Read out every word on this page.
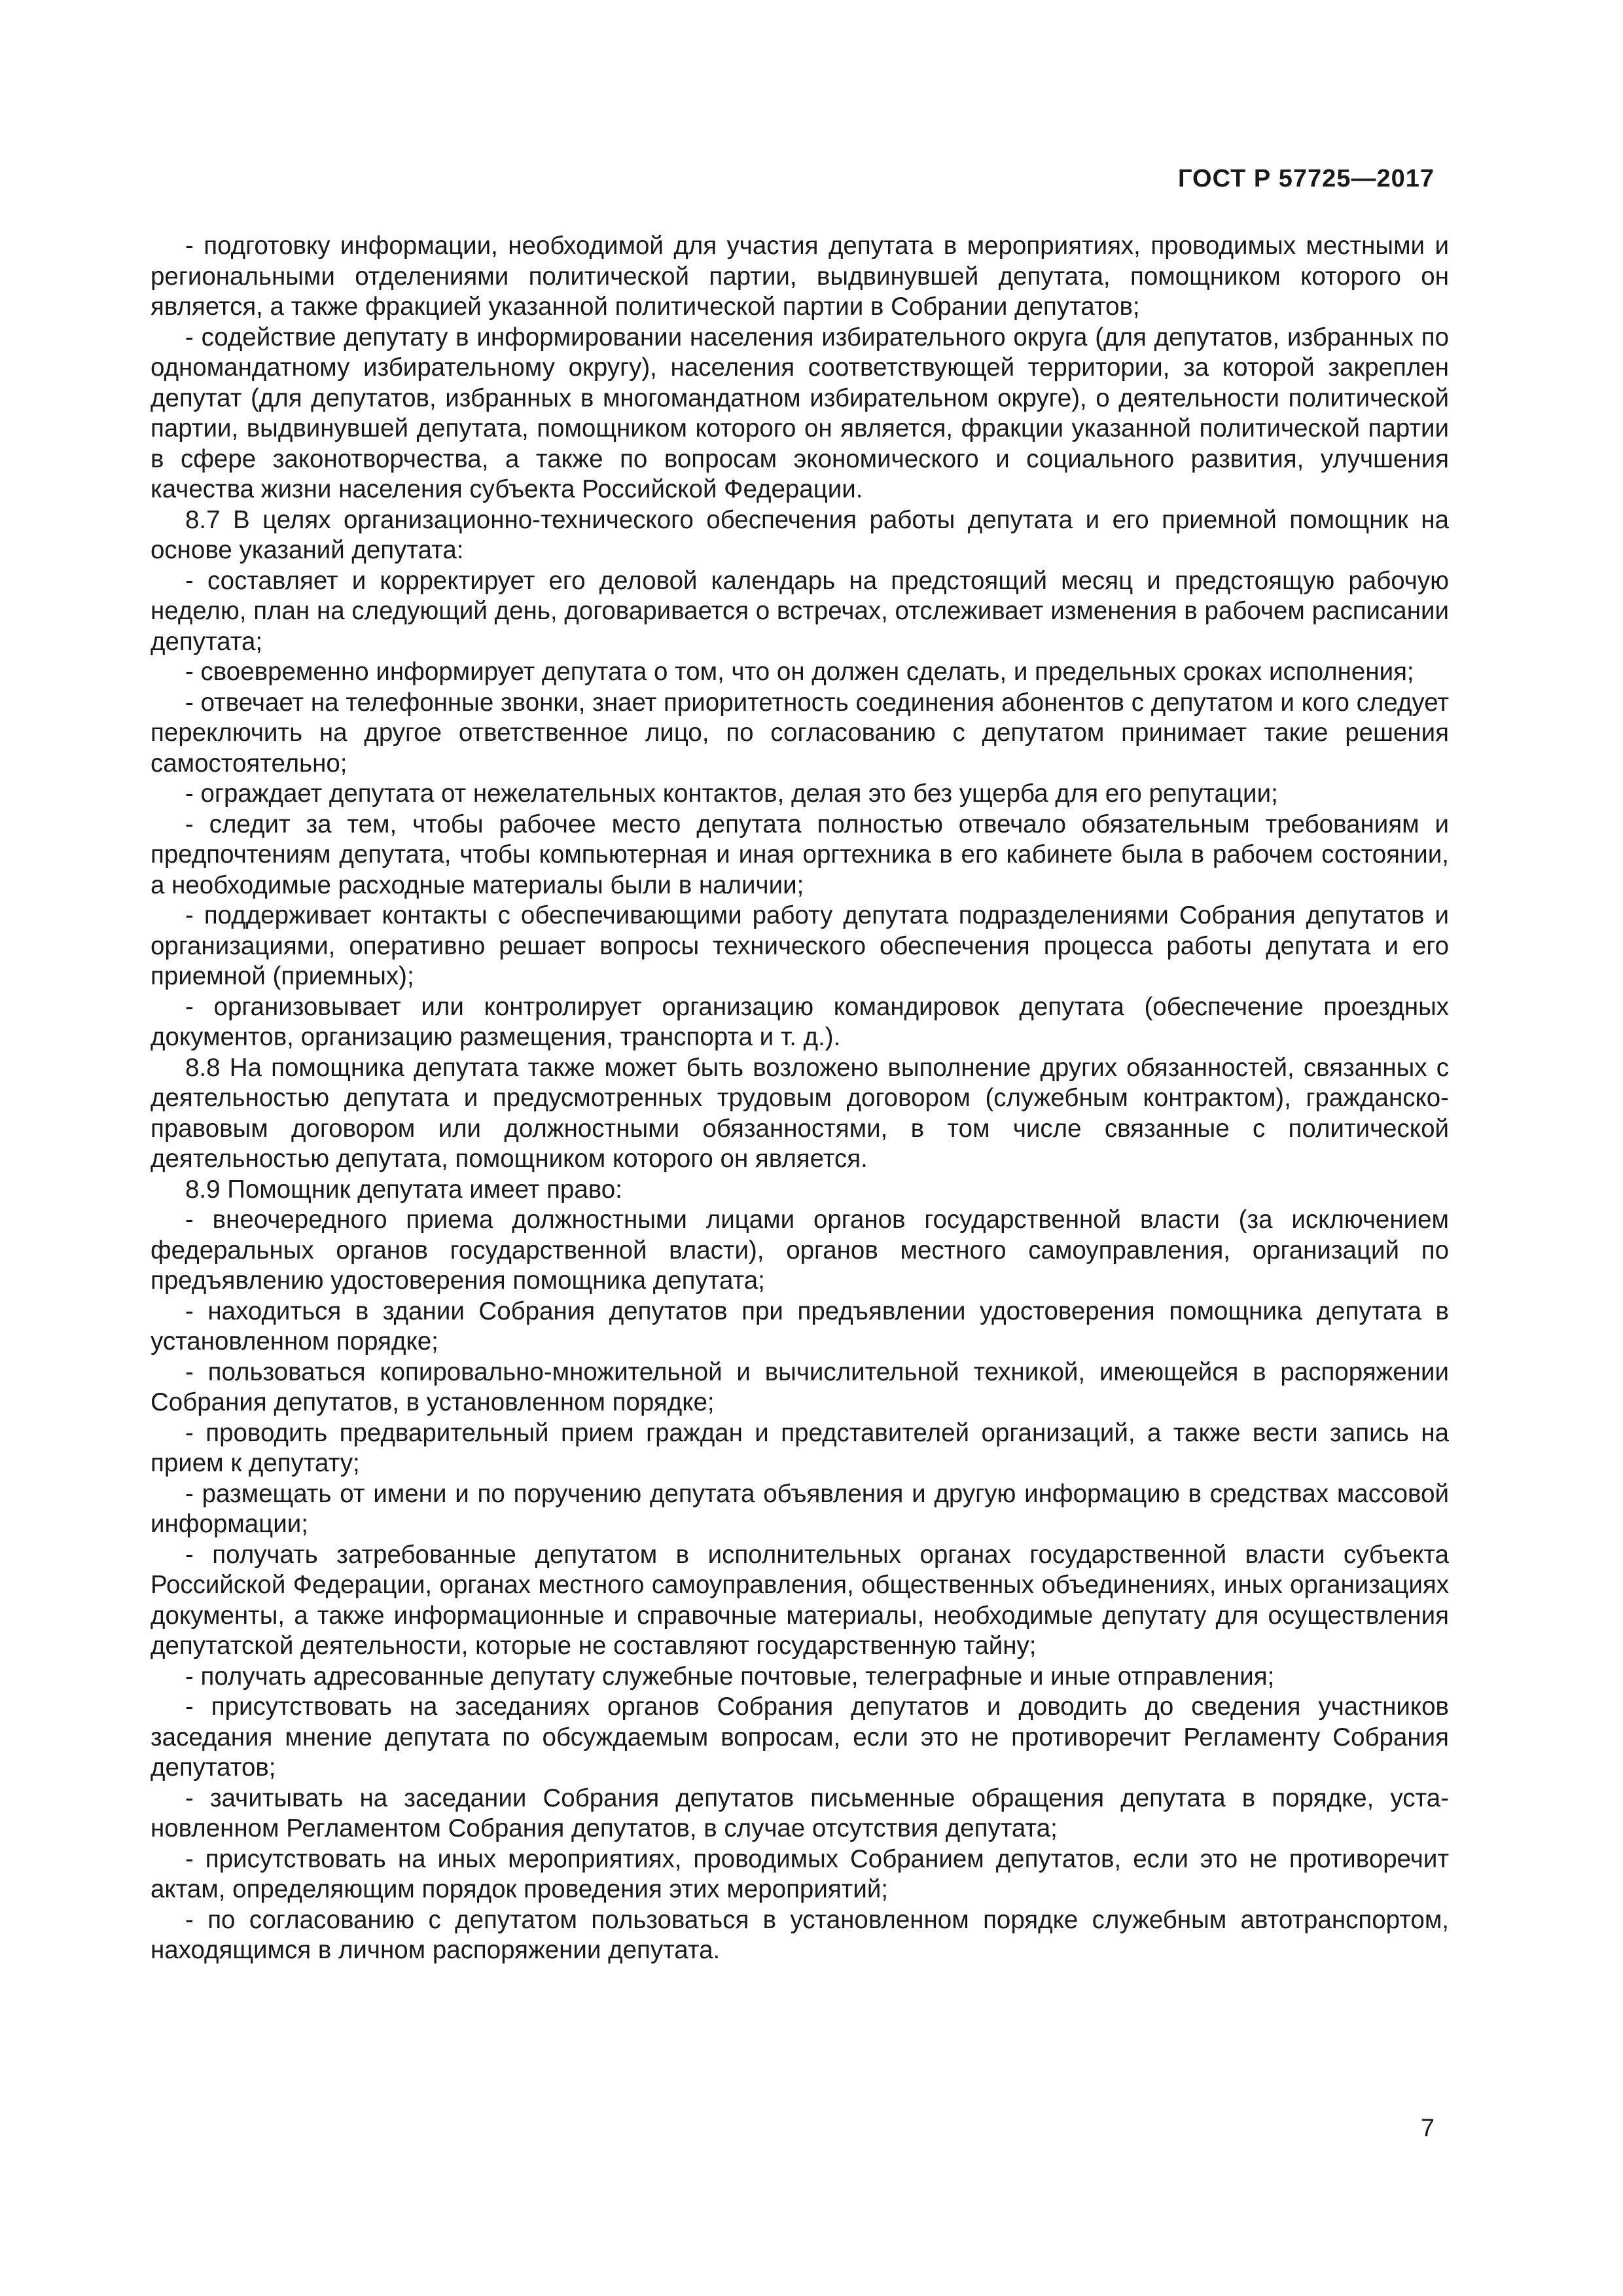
ГОСТ Р 57725—2017

- подготовку информации, необходимой для участия депутата в мероприятиях, проводимых местными и региональными отделениями политической партии, выдвинувшей депутата, помощником которого он является, а также фракцией указанной политической партии в Собрании депутатов;

- содействие депутату в информировании населения избирательного округа (для депутатов, избранных по одномандатному избирательному округу), населения соответствующей территории, за которой закреплен депутат (для депутатов, избранных в многомандатном избирательном округе), о деятельности политической партии, выдвинувшей депутата, помощником которого он является, фракции указанной политической партии в сфере законотворчества, а также по вопросам экономического и социального развития, улучшения качества жизни населения субъекта Российской Федерации.

8.7 В целях организационно-технического обеспечения работы депутата и его приемной помощник на основе указаний депутата:

- составляет и корректирует его деловой календарь на предстоящий месяц и предстоящую рабочую неделю, план на следующий день, договаривается о встречах, отслеживает изменения в рабочем расписании депутата;

- своевременно информирует депутата о том, что он должен сделать, и предельных сроках исполнения;

- отвечает на телефонные звонки, знает приоритетность соединения абонентов с депутатом и кого следует переключить на другое ответственное лицо, по согласованию с депутатом принимает такие решения самостоятельно;

- ограждает депутата от нежелательных контактов, делая это без ущерба для его репутации;

- следит за тем, чтобы рабочее место депутата полностью отвечало обязательным требованиям и предпочтениям депутата, чтобы компьютерная и иная оргтехника в его кабинете была в рабочем состоянии, а необходимые расходные материалы были в наличии;

- поддерживает контакты с обеспечивающими работу депутата подразделениями Собрания депутатов и организациями, оперативно решает вопросы технического обеспечения процесса работы депутата и его приемной (приемных);

- организовывает или контролирует организацию командировок депутата (обеспечение проездных документов, организацию размещения, транспорта и т. д.).

8.8 На помощника депутата также может быть возложено выполнение других обязанностей, связанных с деятельностью депутата и предусмотренных трудовым договором (служебным контрактом), гражданско-правовым договором или должностными обязанностями, в том числе связанные с политической деятельностью депутата, помощником которого он является.

8.9 Помощник депутата имеет право:

- внеочередного приема должностными лицами органов государственной власти (за исключением федеральных органов государственной власти), органов местного самоуправления, организаций по предъявлению удостоверения помощника депутата;

- находиться в здании Собрания депутатов при предъявлении удостоверения помощника депутата в установленном порядке;

- пользоваться копировально-множительной и вычислительной техникой, имеющейся в распоряжении Собрания депутатов, в установленном порядке;

- проводить предварительный прием граждан и представителей организаций, а также вести запись на прием к депутату;

- размещать от имени и по поручению депутата объявления и другую информацию в средствах массовой информации;

- получать затребованные депутатом в исполнительных органах государственной власти субъекта Российской Федерации, органах местного самоуправления, общественных объединениях, иных организациях документы, а также информационные и справочные материалы, необходимые депутату для осуществления депутатской деятельности, которые не составляют государственную тайну;

- получать адресованные депутату служебные почтовые, телеграфные и иные отправления;

- присутствовать на заседаниях органов Собрания депутатов и доводить до сведения участников заседания мнение депутата по обсуждаемым вопросам, если это не противоречит Регламенту Собрания депутатов;

- зачитывать на заседании Собрания депутатов письменные обращения депутата в порядке, установленном Регламентом Собрания депутатов, в случае отсутствия депутата;

- присутствовать на иных мероприятиях, проводимых Собранием депутатов, если это не противоречит актам, определяющим порядок проведения этих мероприятий;

- по согласованию с депутатом пользоваться в установленном порядке служебным автотранспортом, находящимся в личном распоряжении депутата.

7
